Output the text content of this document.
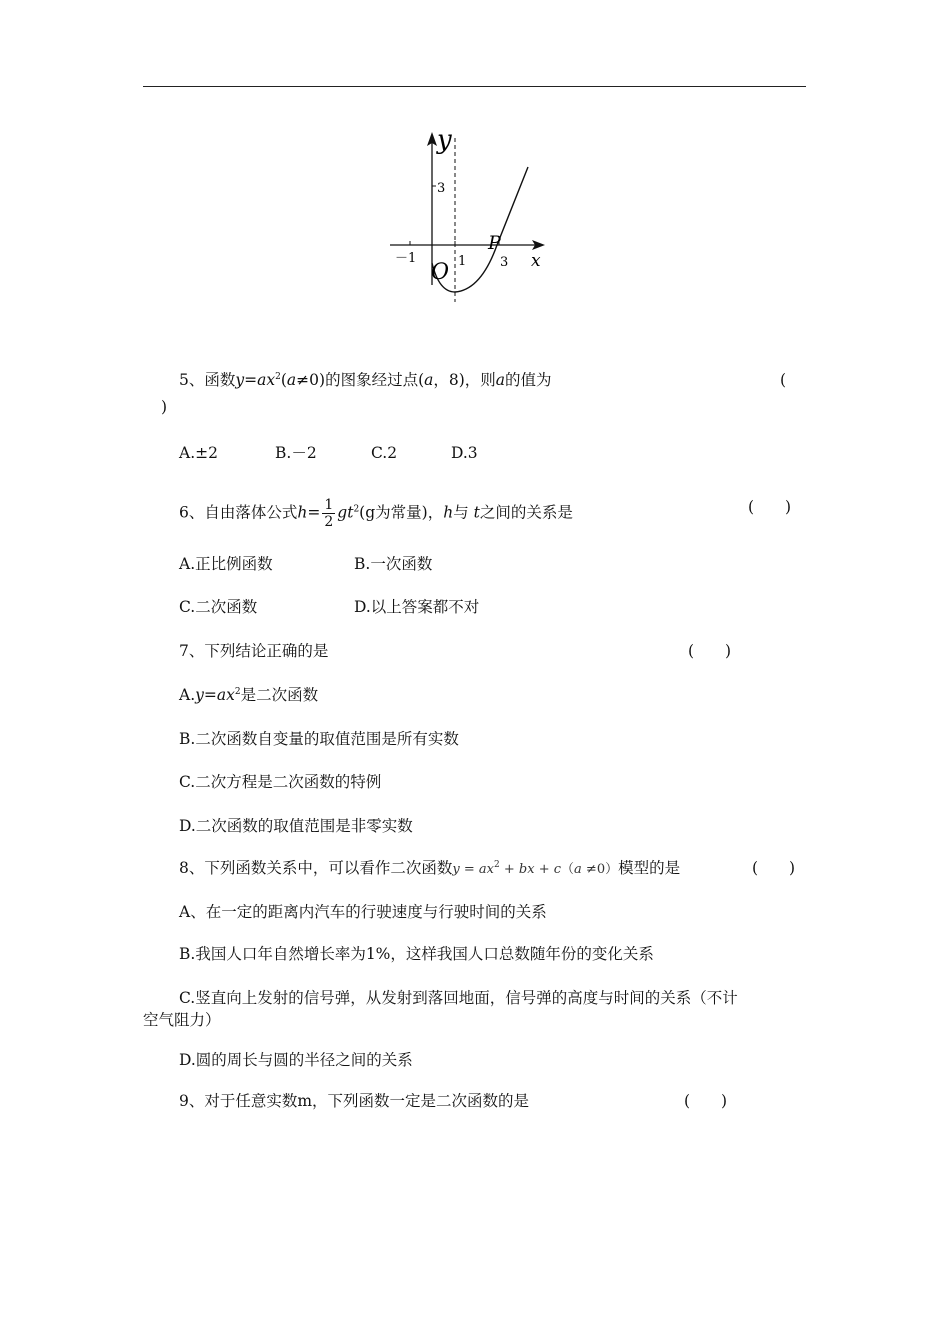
y
x
O
P
－1	1	3
3
5、函数$y=ax^2(a\ne 0)$的图象经过点(a，8)，则a的值为	(
)
A.±2	B.－2	C.2	D.3
6、自由落体公式$h= \frac{1}{2} gt^2(g$为常量)，h与 t之间的关系是	(　　)
A.正比例函数	B.一次函数
C.二次函数	D.以上答案都不对
7、下列结论正确的是	(　　)
$A.y=ax^2$是二次函数
B.二次函数自变量的取值范围是所有实数
C.二次方程是二次函数的特例
D.二次函数的取值范围是非零实数
8、下列函数关系中，可以看作二次函数$y = ax^2$ + bx + c（a ≠0）模型的是	(　　)
A、在一定的距离内汽车的行驶速度与行驶时间的关系
B.我国人口年自然增长率为1%，这样我国人口总数随年份的变化关系
C.竖直向上发射的信号弹，从发射到落回地面，信号弹的高度与时间的关系（不计
空气阻力）
D.圆的周长与圆的半径之间的关系
9、对于任意实数m，下列函数一定是二次函数的是	(　　)
